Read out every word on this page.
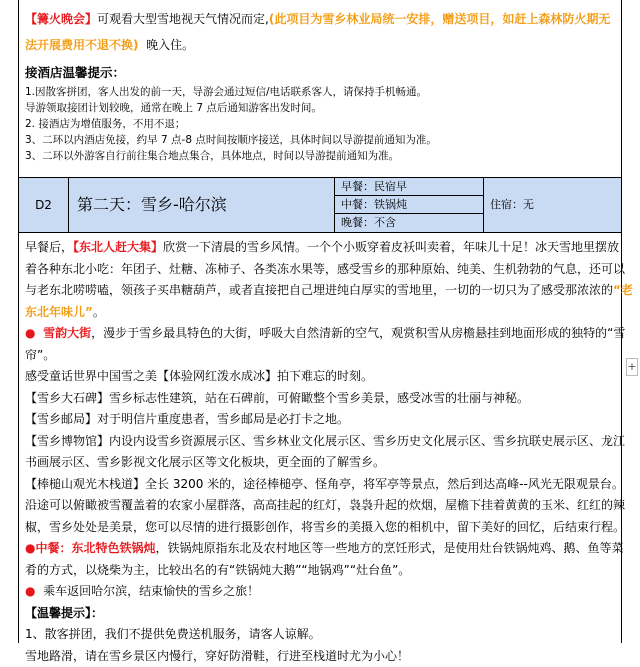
【篝火晚会】可观看大型雪地视天气情况而定,(此项目为雪乡林业局统一安排，赠送项目，如赶上森林防火期无

法开展费用不退不换) 晚入住。

接酒店温馨提示：

1.因散客拼团，客人出发的前一天，导游会通过短信/电话联系客人，请保持手机畅通。
导游领取接团计划较晚，通常在晚上 7 点后通知游客出发时间。
2. 接酒店为增值服务，不用不退；
3、二环以内酒店免接，约早 7 点-8 点时间按顺序接送，具体时间以导游提前通知为准。
3、二环以外游客自行前往集合地点集合，具体地点，时间以导游提前通知为准。
D2	第二天：雪乡-哈尔滨
早餐：民宿早
中餐：铁锅炖
晚餐：不含
住宿：无

早餐后，【东北人赶大集】欣赏一下清晨的雪乡风情。一个个小贩穿着皮袄叫卖着，年味儿十足！冰天雪地里摆放

着各种东北小吃：年团子、灶糖、冻柿子、各类冻水果等，感受雪乡的那种原始、纯美、生机勃勃的气息，还可以

与老东北唠唠嗑，领孩子买串糖葫芦，或者直接把自己埋进纯白厚实的雪地里，一切的一切只为了感受那浓浓的“老

东北年味儿”。

● 雪韵大街，漫步于雪乡最具特色的大街，呼吸大自然清新的空气，观赏积雪从房檐悬挂到地面形成的独特的“雪

帘”。

感受童话世界中国雪之美【体验网红泼水成冰】拍下难忘的时刻。

【雪乡大石碑】雪乡标志性建筑，站在石碑前，可俯瞰整个雪乡美景，感受冰雪的壮丽与神秘。

【雪乡邮局】对于明信片重度患者，雪乡邮局是必打卡之地。

【雪乡博物馆】内设内设雪乡资源展示区、雪乡林业文化展示区、雪乡历史文化展示区、雪乡抗联史展示区、龙江

书画展示区、雪乡影视文化展示区等文化板块，更全面的了解雪乡。

【棒槌山观光木栈道】全长 3200 米的，途径棒槌亭、怪角亭，将军亭等景点，然后到达高峰--风光无限观景台。

沿途可以俯瞰被雪覆盖着的农家小屋群落，高高挂起的红灯，袅袅升起的炊烟，屋檐下挂着黄黄的玉米、红红的辣

椒，雪乡处处是美景，您可以尽情的进行摄影创作，将雪乡的美摄入您的相机中，留下美好的回忆，后结束行程。

●中餐：东北特色铁锅炖，铁锅炖原指东北及农村地区等一些地方的烹饪形式，是使用灶台铁锅炖鸡、鹅、鱼等菜

肴的方式，以烧柴为主，比较出名的有“铁锅炖大鹅”“地锅鸡”“灶台鱼”。

● 乘车返回哈尔滨，结束愉快的雪乡之旅！

【温馨提示】：

1、散客拼团，我们不提供免费送机服务，请客人谅解。

雪地路滑，请在雪乡景区内慢行，穿好防滑鞋，行进至栈道时尤为小心！

+
